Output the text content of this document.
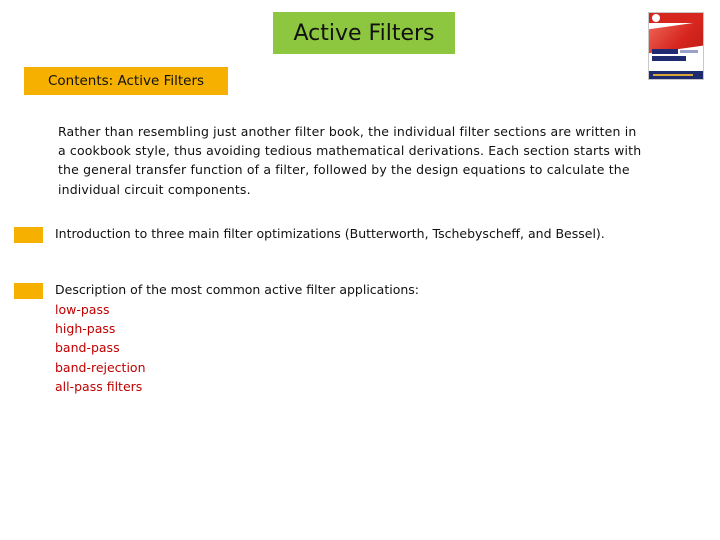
Active Filters
Contents: Active Filters

Rather than resembling just another filter book, the individual filter sections are written in a cookbook style, thus avoiding tedious mathematical derivations. Each section starts with the general transfer function of a filter, followed by the design equations to calculate the individual circuit components.

Introduction to three main filter optimizations (Butterworth, Tschebyscheff, and Bessel).

Description of the most common active filter applications:

low-pass
high-pass
band-pass
band-rejection
all-pass filters
